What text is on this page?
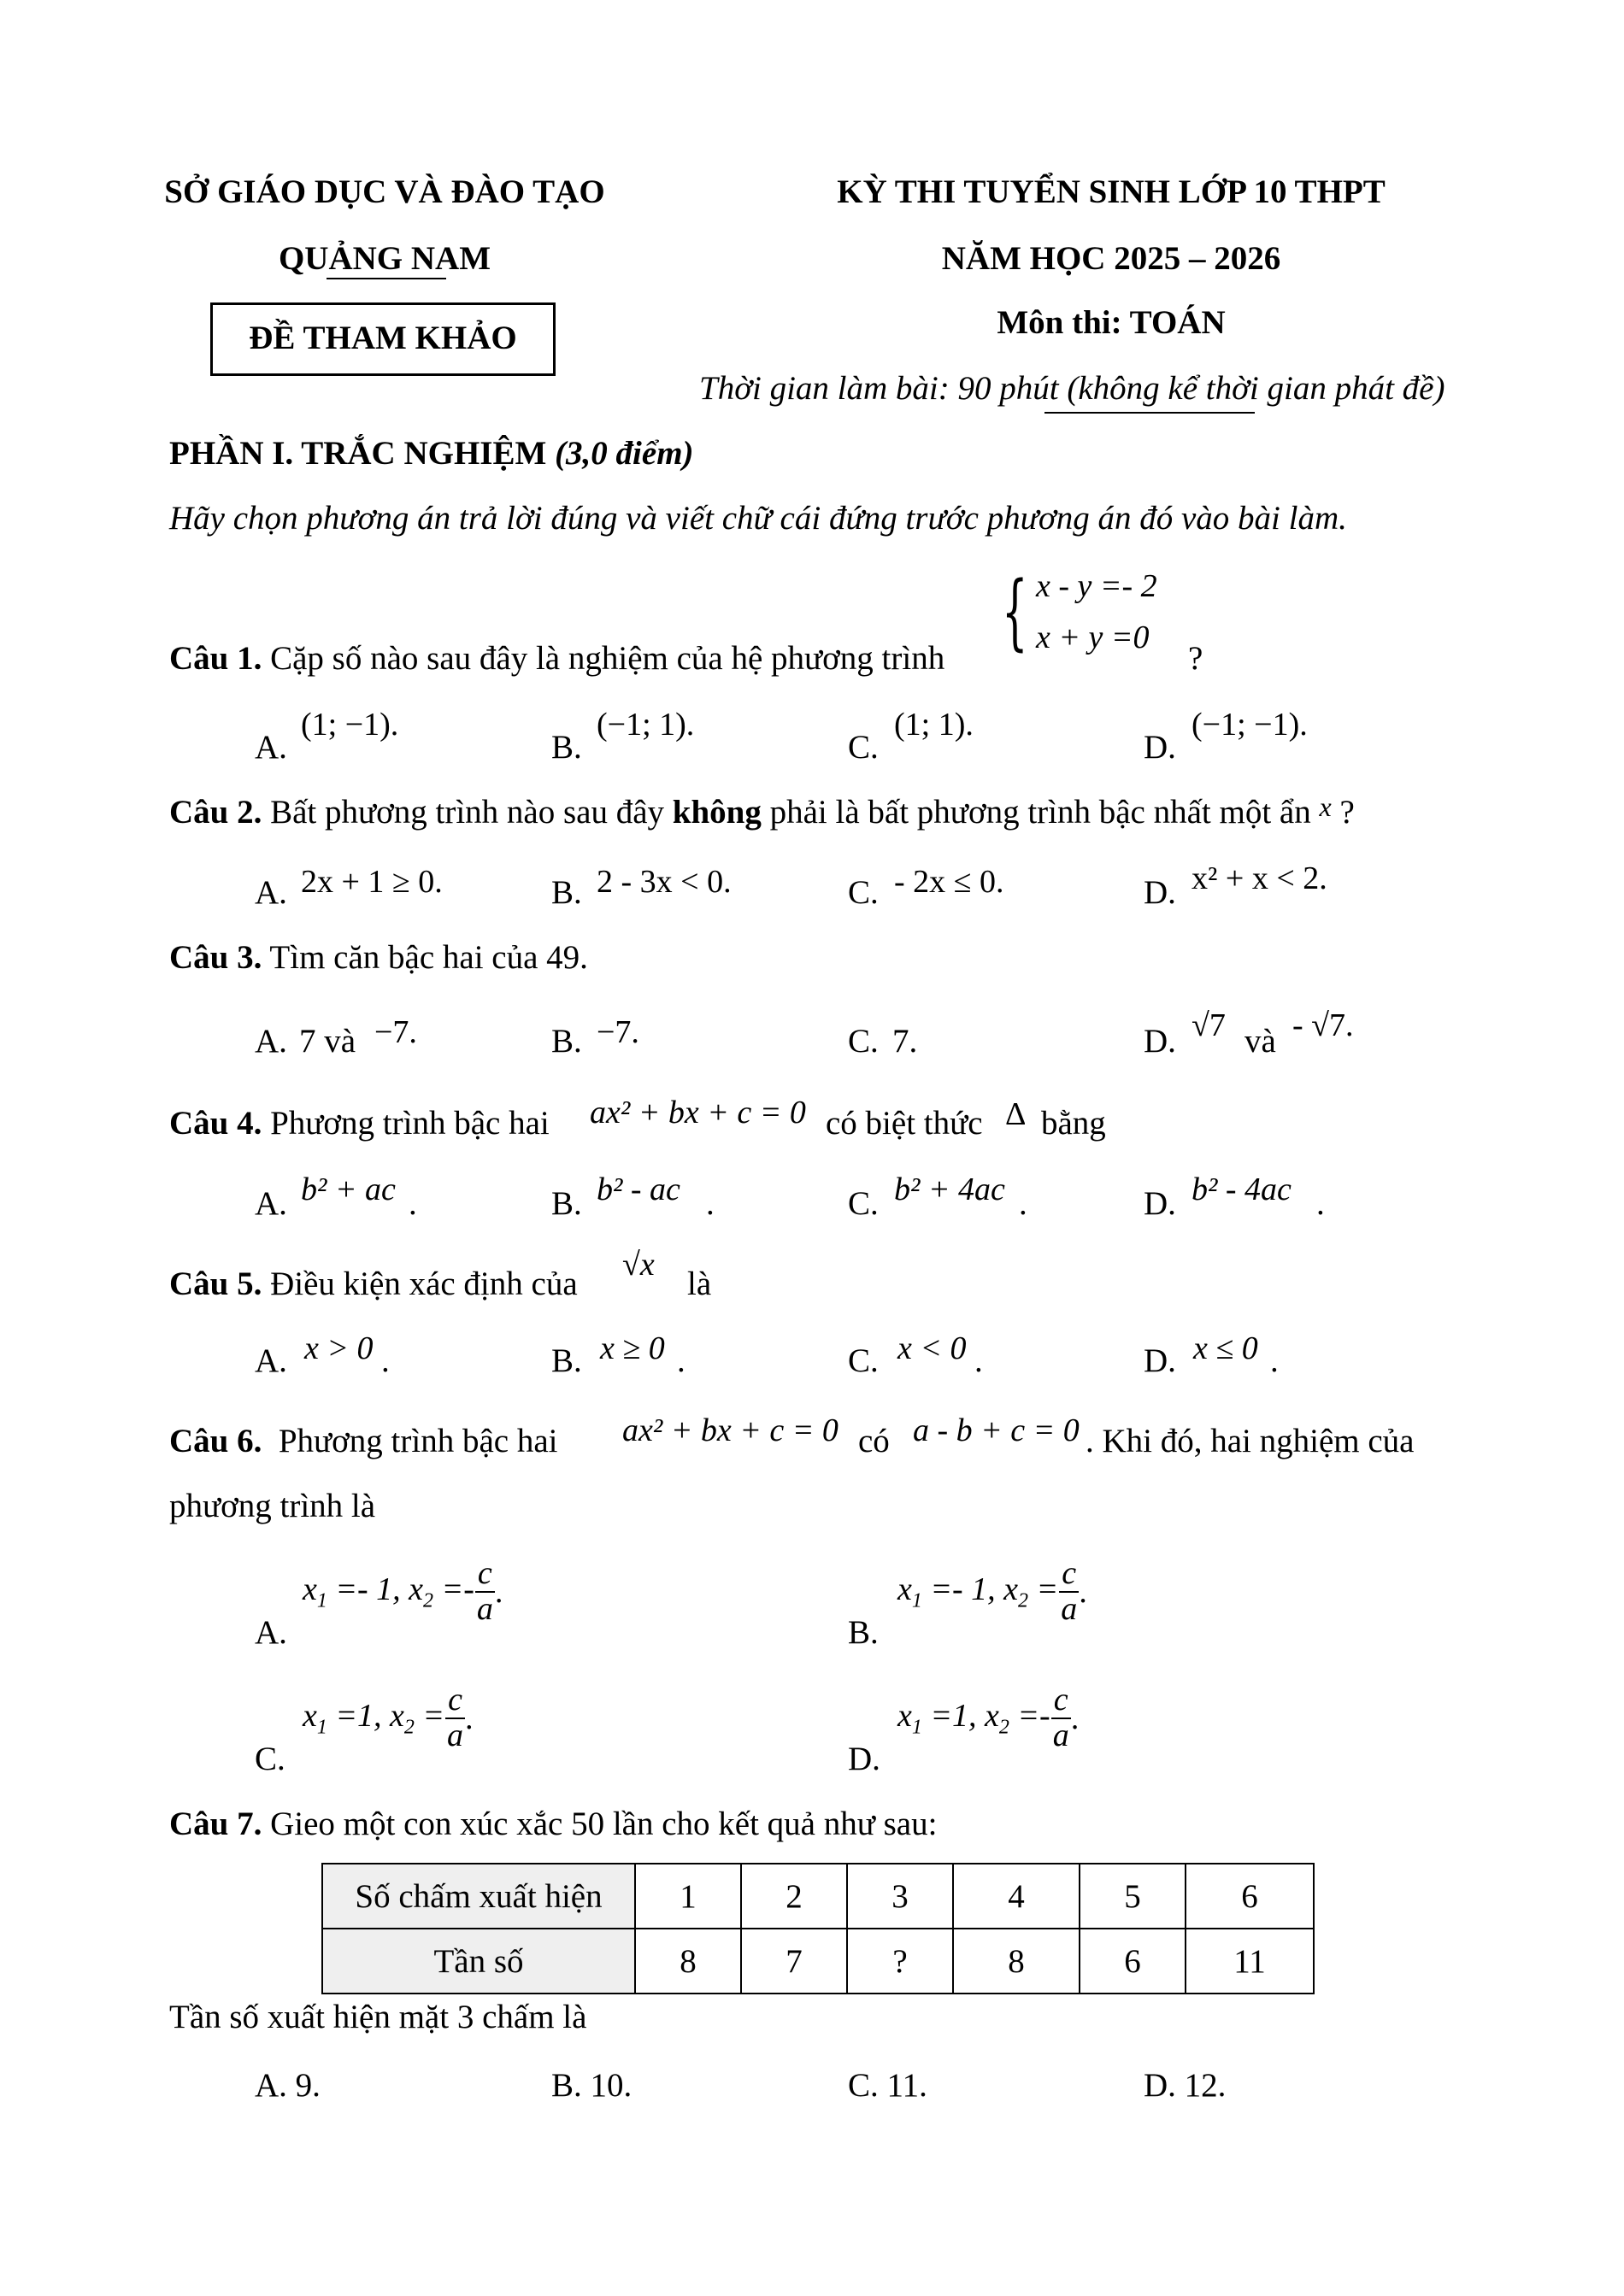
SỞ GIÁO DỤC VÀ ĐÀO TẠO
QUẢNG NAM
ĐỀ THAM KHẢO
KỲ THI TUYỂN SINH LỚP 10 THPT
NĂM HỌC 2025 – 2026
Môn thi: TOÁN
Thời gian làm bài: 90 phút (không kể thời gian phát đề)
PHẦN I. TRẮC NGHIỆM (3,0 điểm)
Hãy chọn phương án trả lời đúng và viết chữ cái đứng trước phương án đó vào bài làm.
Câu 1. Cặp số nào sau đây là nghiệm của hệ phương trình { x - y =- 2
x + y =0
?
A.
(1; −1).
B.
(−1; 1).
C.
(1; 1).
D.
(−1; −1).
Câu 2. Bất phương trình nào sau đây không phải là bất phương trình bậc nhất một ẩn $^x$ ?
A. 2x + 1 ≥ 0.	B. 2 - 3x < 0.	C. - 2x ≤ 0.	D. x² + x < 2.
Câu 3. Tìm căn bậc hai của 49.
A. 7 và −7.	B. −7.	C. 7.	D. √7 và - √7.
Câu 4. Phương trình bậc hai ax² + bx + c = 0 có biệt thức Δ bằng
A. b² + ac .	B. b² - ac .	C. b² + 4ac .	D. b² - 4ac .
Câu 5. Điều kiện xác định của
√x
là
A. x > 0 .	B. x ≥ 0 .	C. x < 0 .	D. x ≤ 0 .
Câu 6. Phương trình bậc hai ax² + bx + c = 0 có a - b + c = 0 . Khi đó, hai nghiệm của
phương trình là
A.
$x_1 =- 1$, $x_2 =- \frac{c}{a}$ .
B.
$x_1 =- 1$, $x_2 = \frac{c}{a}$ .
C.
$x_1 =1$, $x_2 = \frac{c}{a}$ .
D.
$x_1 =1$, $x_2 =- \frac{c}{a}$ .
Câu 7. Gieo một con xúc xắc 50 lần cho kết quả như sau:
Số chấm xuất hiện	1	2	3	4	5	6
Tần số	8	7	?	8	6	11
Tần số xuất hiện mặt 3 chấm là
A. 9.	B. 10.	C. 11.	D. 12.
